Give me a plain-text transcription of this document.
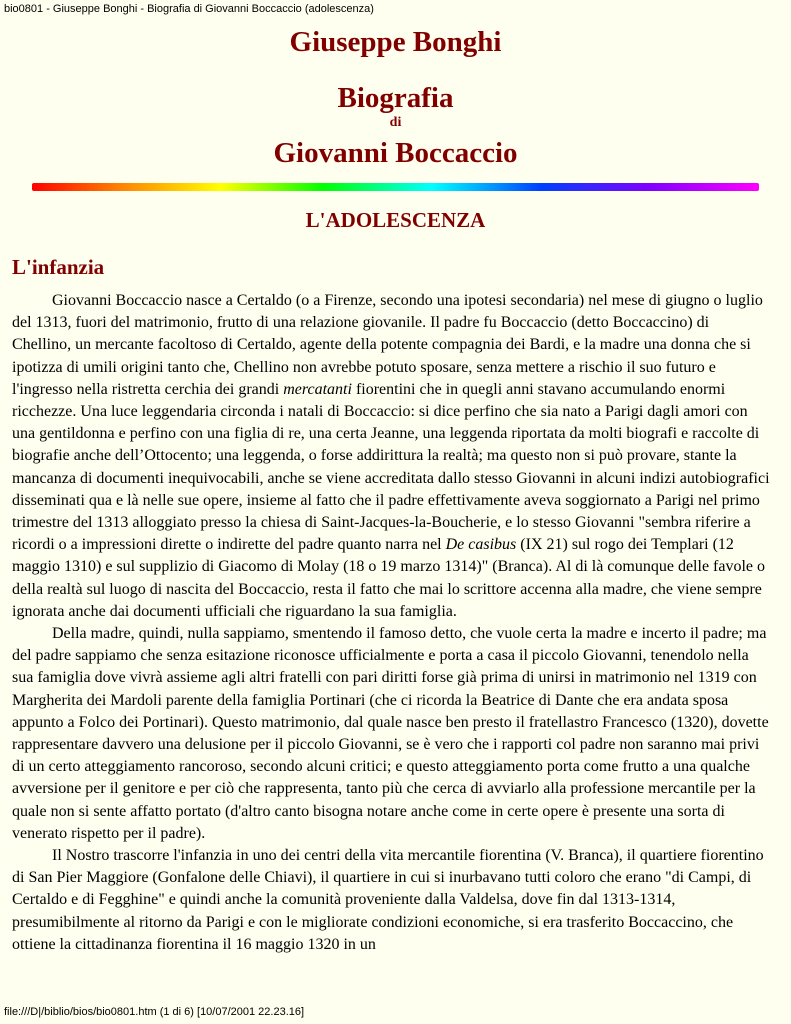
bio0801 - Giuseppe Bonghi - Biografia di Giovanni Boccaccio (adolescenza)
Giuseppe Bonghi
Biografia
di
Giovanni Boccaccio
L'ADOLESCENZA
L'infanzia

Giovanni Boccaccio nasce a Certaldo (o a Firenze, secondo una ipotesi secondaria) nel mese di giugno o luglio del 1313, fuori del matrimonio, frutto di una relazione giovanile. Il padre fu Boccaccio (detto Boccaccino) di Chellino, un mercante facoltoso di Certaldo, agente della potente compagnia dei Bardi, e la madre una donna che si ipotizza di umili origini tanto che, Chellino non avrebbe potuto sposare, senza mettere a rischio il suo futuro e l'ingresso nella ristretta cerchia dei grandi mercatanti fiorentini che in quegli anni stavano accumulando enormi ricchezze. Una luce leggendaria circonda i natali di Boccaccio: si dice perfino che sia nato a Parigi dagli amori con una gentildonna e perfino con una figlia di re, una certa Jeanne, una leggenda riportata da molti biografi e raccolte di biografie anche dell’Ottocento; una leggenda, o forse addirittura la realtà; ma questo non si può provare, stante la mancanza di documenti inequivocabili, anche se viene accreditata dallo stesso Giovanni in alcuni indizi autobiografici disseminati qua e là nelle sue opere, insieme al fatto che il padre effettivamente aveva soggiornato a Parigi nel primo trimestre del 1313 alloggiato presso la chiesa di Saint-Jacques-la-Boucherie, e lo stesso Giovanni "sembra riferire a ricordi o a impressioni dirette o indirette del padre quanto narra nel De casibus (IX 21) sul rogo dei Templari (12 maggio 1310) e sul supplizio di Giacomo di Molay (18 o 19 marzo 1314)" (Branca). Al di là comunque delle favole o della realtà sul luogo di nascita del Boccaccio, resta il fatto che mai lo scrittore accenna alla madre, che viene sempre ignorata anche dai documenti ufficiali che riguardano la sua famiglia.

Della madre, quindi, nulla sappiamo, smentendo il famoso detto, che vuole certa la madre e incerto il padre; ma del padre sappiamo che senza esitazione riconosce ufficialmente e porta a casa il piccolo Giovanni, tenendolo nella sua famiglia dove vivrà assieme agli altri fratelli con pari diritti forse già prima di unirsi in matrimonio nel 1319 con Margherita dei Mardoli parente della famiglia Portinari (che ci ricorda la Beatrice di Dante che era andata sposa appunto a Folco dei Portinari). Questo matrimonio, dal quale nasce ben presto il fratellastro Francesco (1320), dovette rappresentare davvero una delusione per il piccolo Giovanni, se è vero che i rapporti col padre non saranno mai privi di un certo atteggiamento rancoroso, secondo alcuni critici; e questo atteggiamento porta come frutto a una qualche avversione per il genitore e per ciò che rappresenta, tanto più che cerca di avviarlo alla professione mercantile per la quale non si sente affatto portato (d'altro canto bisogna notare anche come in certe opere è presente una sorta di venerato rispetto per il padre).

Il Nostro trascorre l'infanzia in uno dei centri della vita mercantile fiorentina (V. Branca), il quartiere fiorentino di San Pier Maggiore (Gonfalone delle Chiavi), il quartiere in cui si inurbavano tutti coloro che erano "di Campi, di Certaldo e di Fegghine" e quindi anche la comunità proveniente dalla Valdelsa, dove fin dal 1313-1314, presumibilmente al ritorno da Parigi e con le migliorate condizioni economiche, si era trasferito Boccaccino, che ottiene la cittadinanza fiorentina il 16 maggio 1320 in un

file:///D|/biblio/bios/bio0801.htm (1 di 6) [10/07/2001 22.23.16]
